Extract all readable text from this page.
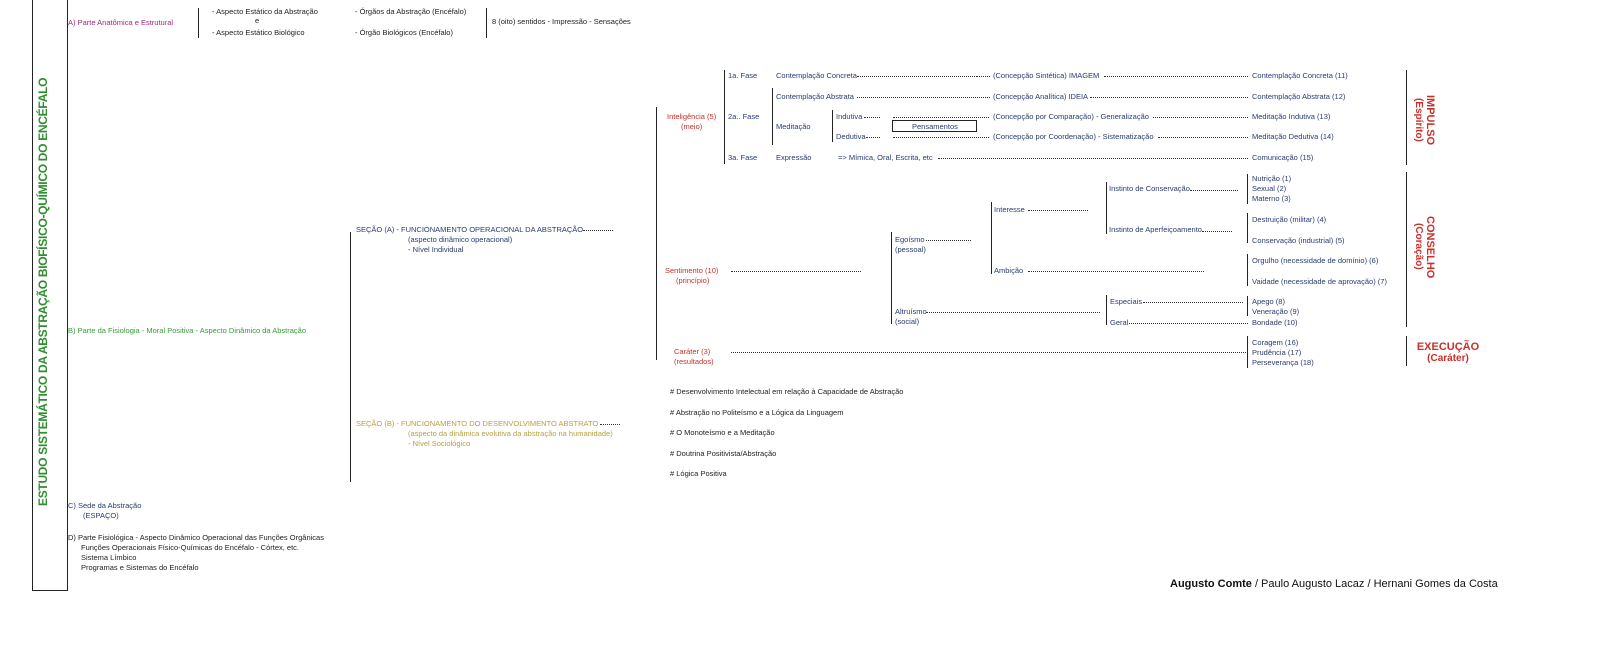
ESTUDO SISTEMÁTICO DA ABSTRAÇÃO BIOFÍSICO-QUÍMICO DO ENCÉFALO
A) Parte Anatômica e Estrutural
- Aspecto Estático da Abstração
e
- Aspecto Estático Biológico
- Órgãos da Abstração (Encéfalo)
- Órgão Biológicos (Encéfalo)
8 (oito) sentidos - Impressão - Sensações
B) Parte da Fisiologia - Moral Positiva - Aspecto Dinâmico da Abstração
SEÇÃO (A) - FUNCIONAMENTO OPERACIONAL DA ABSTRAÇÃO
(aspecto dinâmico operacional)
- Nível Individual
SEÇÃO (B) - FUNCIONAMENTO DO DESENVOLVIMENTO ABSTRATO
(aspecto da dinâmica evolutiva da abstração na humanidade)
- Nível Sociológico
# Desenvolvimento Intelectual em relação à Capacidade de Abstração
# Abstração no Politeísmo e a Lógica da Linguagem
# O Monoteísmo e a Meditação
# Doutrina Positivista/Abstração
# Lógica Positiva
Inteligência (5)
(meio)
1a. Fase
2a.. Fase
3a. Fase
Contemplação Concreta	(Concepção Sintética) IMAGEM
Contemplação Abstrata	(Concepção Analítica) IDEIA
Meditação
Indutiva
Dedutiva
Pensamentos
(Concepção por Comparação) - Generalização
(Concepção por Coordenação) - Sistematização
Expressão	=> Mímica, Oral, Escrita, etc
Contemplação Concreta (11)
Contemplação Abstrata (12)
Meditação Indutiva (13)
Meditação Dedutiva (14)
Comunicação (15)
IMPULSO
(Espírito)
Sentimento (10)
(princípio)
Egoísmo
(pessoal)
Interesse
Ambição
Instinto de Conservação
Instinto de Aperfeiçoamento
Nutrição (1)
Sexual (2)
Materno (3)
Destruição (militar) (4)
Conservação (industrial) (5)
Orgulho (necessidade de domínio) (6)
Vaidade (necessidade de aprovação) (7)
Altruísmo
(social)
Especiais
Geral
Apego (8)
Veneração (9)
Bondade (10)
CONSELHO
(Coração)
Caráter (3)
(resultados)
Coragem (16)
Prudência (17)
Perseverança (18)
EXECUÇÃO
(Caráter)
C) Sede da Abstração
(ESPAÇO)
D) Parte Fisiológica - Aspecto Dinâmico Operacional das Funções Orgânicas
Funções Operacionais Físico-Químicas do Encéfalo - Córtex, etc.
Sistema Límbico
Programas e Sistemas do Encéfalo
Augusto Comte / Paulo Augusto Lacaz / Hernani Gomes da Costa
